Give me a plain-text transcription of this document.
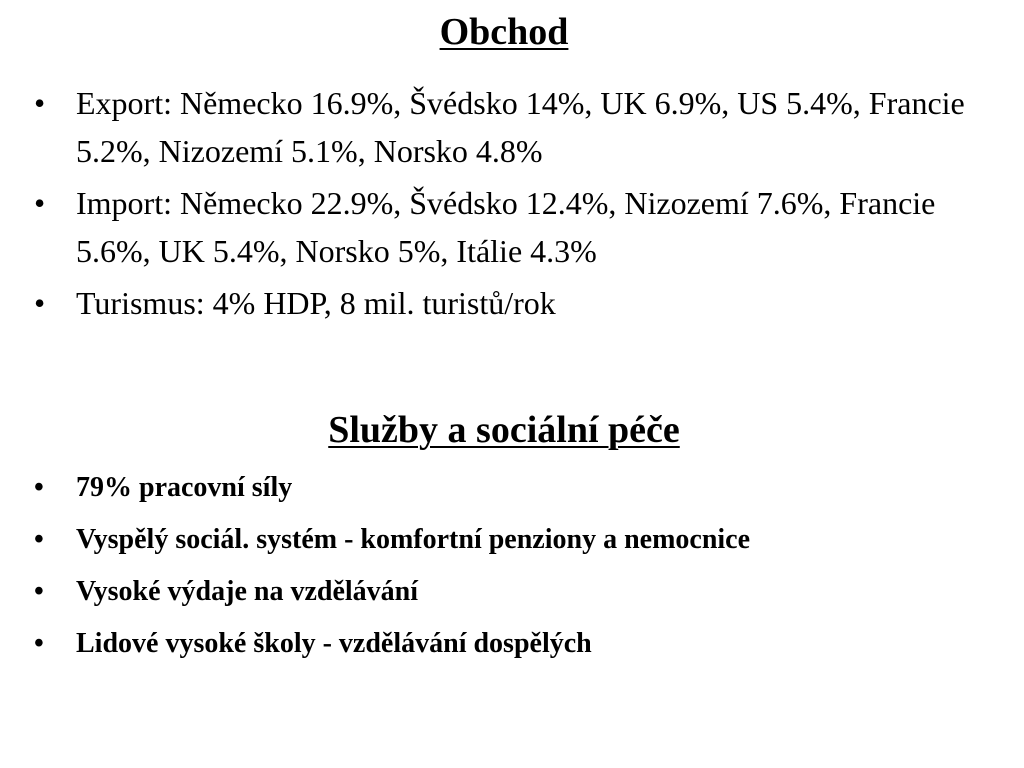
Obchod
• Export: Německo 16.9%, Švédsko 14%, UK 6.9%, US 5.4%, Francie 5.2%, Nizozemí 5.1%, Norsko 4.8%
• Import: Německo 22.9%, Švédsko 12.4%, Nizozemí 7.6%, Francie 5.6%, UK 5.4%, Norsko 5%, Itálie 4.3%
• Turismus: 4% HDP, 8 mil. turistů/rok
Služby a sociální péče
• 79% pracovní síly
• Vyspělý sociál. systém - komfortní penziony a nemocnice
• Vysoké výdaje na vzdělávání
• Lidové vysoké školy - vzdělávání dospělých
